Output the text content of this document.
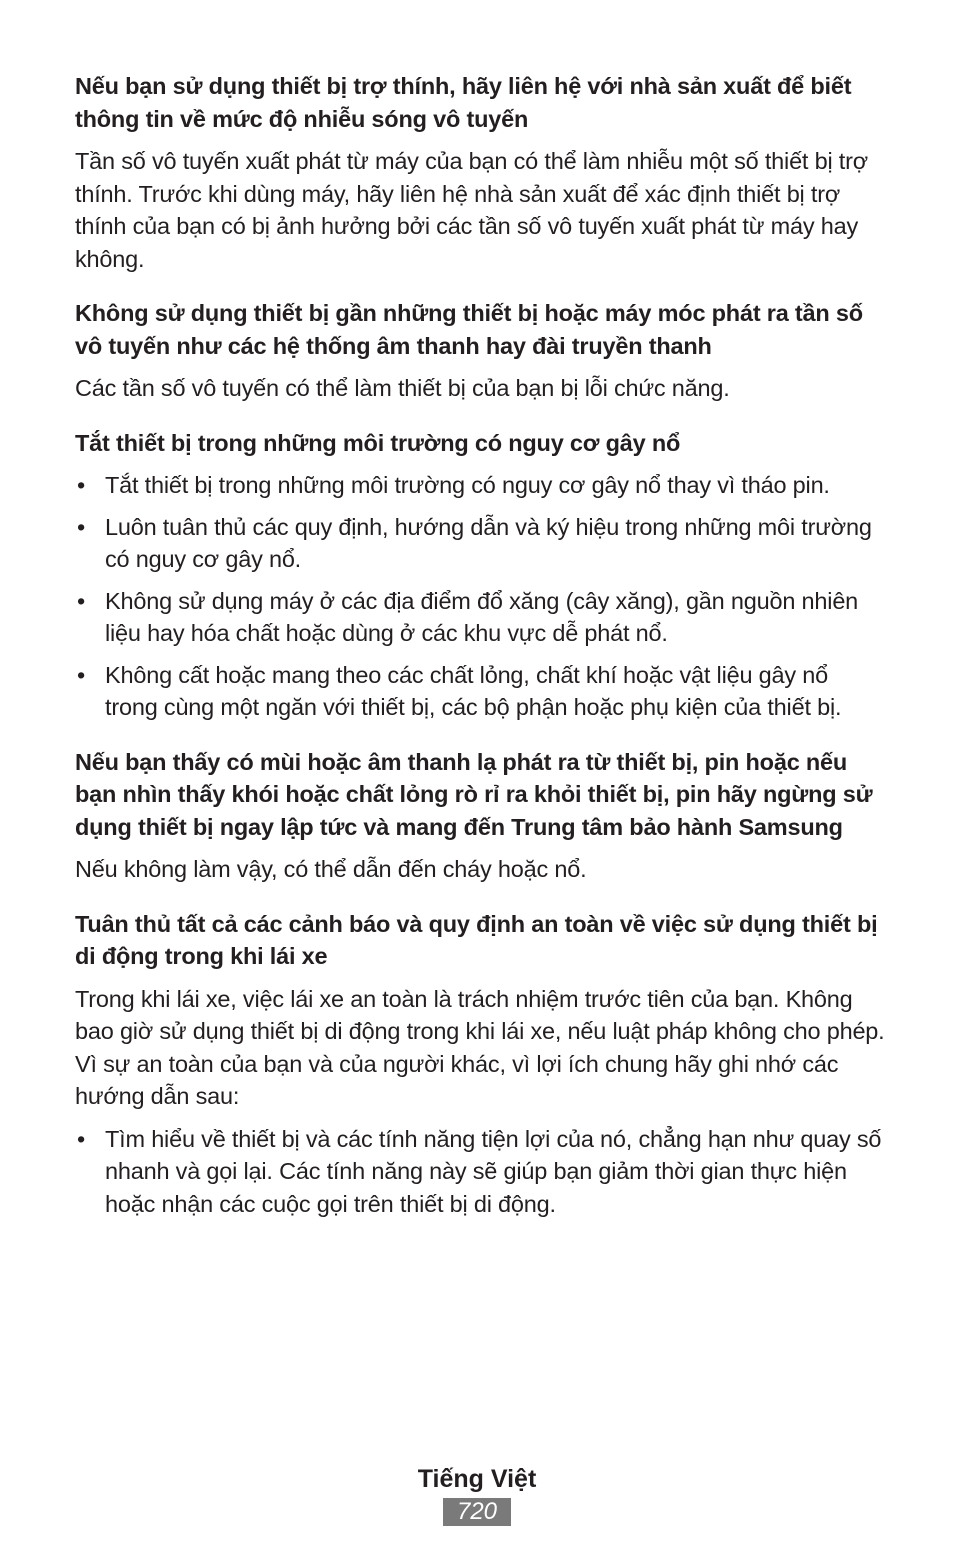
Nếu bạn sử dụng thiết bị trợ thính, hãy liên hệ với nhà sản xuất để biết thông tin về mức độ nhiễu sóng vô tuyến

Tần số vô tuyến xuất phát từ máy của bạn có thể làm nhiễu một số thiết bị trợ thính. Trước khi dùng máy, hãy liên hệ nhà sản xuất để xác định thiết bị trợ thính của bạn có bị ảnh hưởng bởi các tần số vô tuyến xuất phát từ máy hay không.

Không sử dụng thiết bị gần những thiết bị hoặc máy móc phát ra tần số vô tuyến như các hệ thống âm thanh hay đài truyền thanh

Các tần số vô tuyến có thể làm thiết bị của bạn bị lỗi chức năng.

Tắt thiết bị trong những môi trường có nguy cơ gây nổ

• Tắt thiết bị trong những môi trường có nguy cơ gây nổ thay vì tháo pin.
• Luôn tuân thủ các quy định, hướng dẫn và ký hiệu trong những môi trường có nguy cơ gây nổ.
• Không sử dụng máy ở các địa điểm đổ xăng (cây xăng), gần nguồn nhiên liệu hay hóa chất hoặc dùng ở các khu vực dễ phát nổ.
• Không cất hoặc mang theo các chất lỏng, chất khí hoặc vật liệu gây nổ trong cùng một ngăn với thiết bị, các bộ phận hoặc phụ kiện của thiết bị.

Nếu bạn thấy có mùi hoặc âm thanh lạ phát ra từ thiết bị, pin hoặc nếu bạn nhìn thấy khói hoặc chất lỏng rò rỉ ra khỏi thiết bị, pin hãy ngừng sử dụng thiết bị ngay lập tức và mang đến Trung tâm bảo hành Samsung

Nếu không làm vậy, có thể dẫn đến cháy hoặc nổ.

Tuân thủ tất cả các cảnh báo và quy định an toàn về việc sử dụng thiết bị di động trong khi lái xe

Trong khi lái xe, việc lái xe an toàn là trách nhiệm trước tiên của bạn. Không bao giờ sử dụng thiết bị di động trong khi lái xe, nếu luật pháp không cho phép. Vì sự an toàn của bạn và của người khác, vì lợi ích chung hãy ghi nhớ các hướng dẫn sau:

• Tìm hiểu về thiết bị và các tính năng tiện lợi của nó, chẳng hạn như quay số nhanh và gọi lại. Các tính năng này sẽ giúp bạn giảm thời gian thực hiện hoặc nhận các cuộc gọi trên thiết bị di động.
Tiếng Việt
720
